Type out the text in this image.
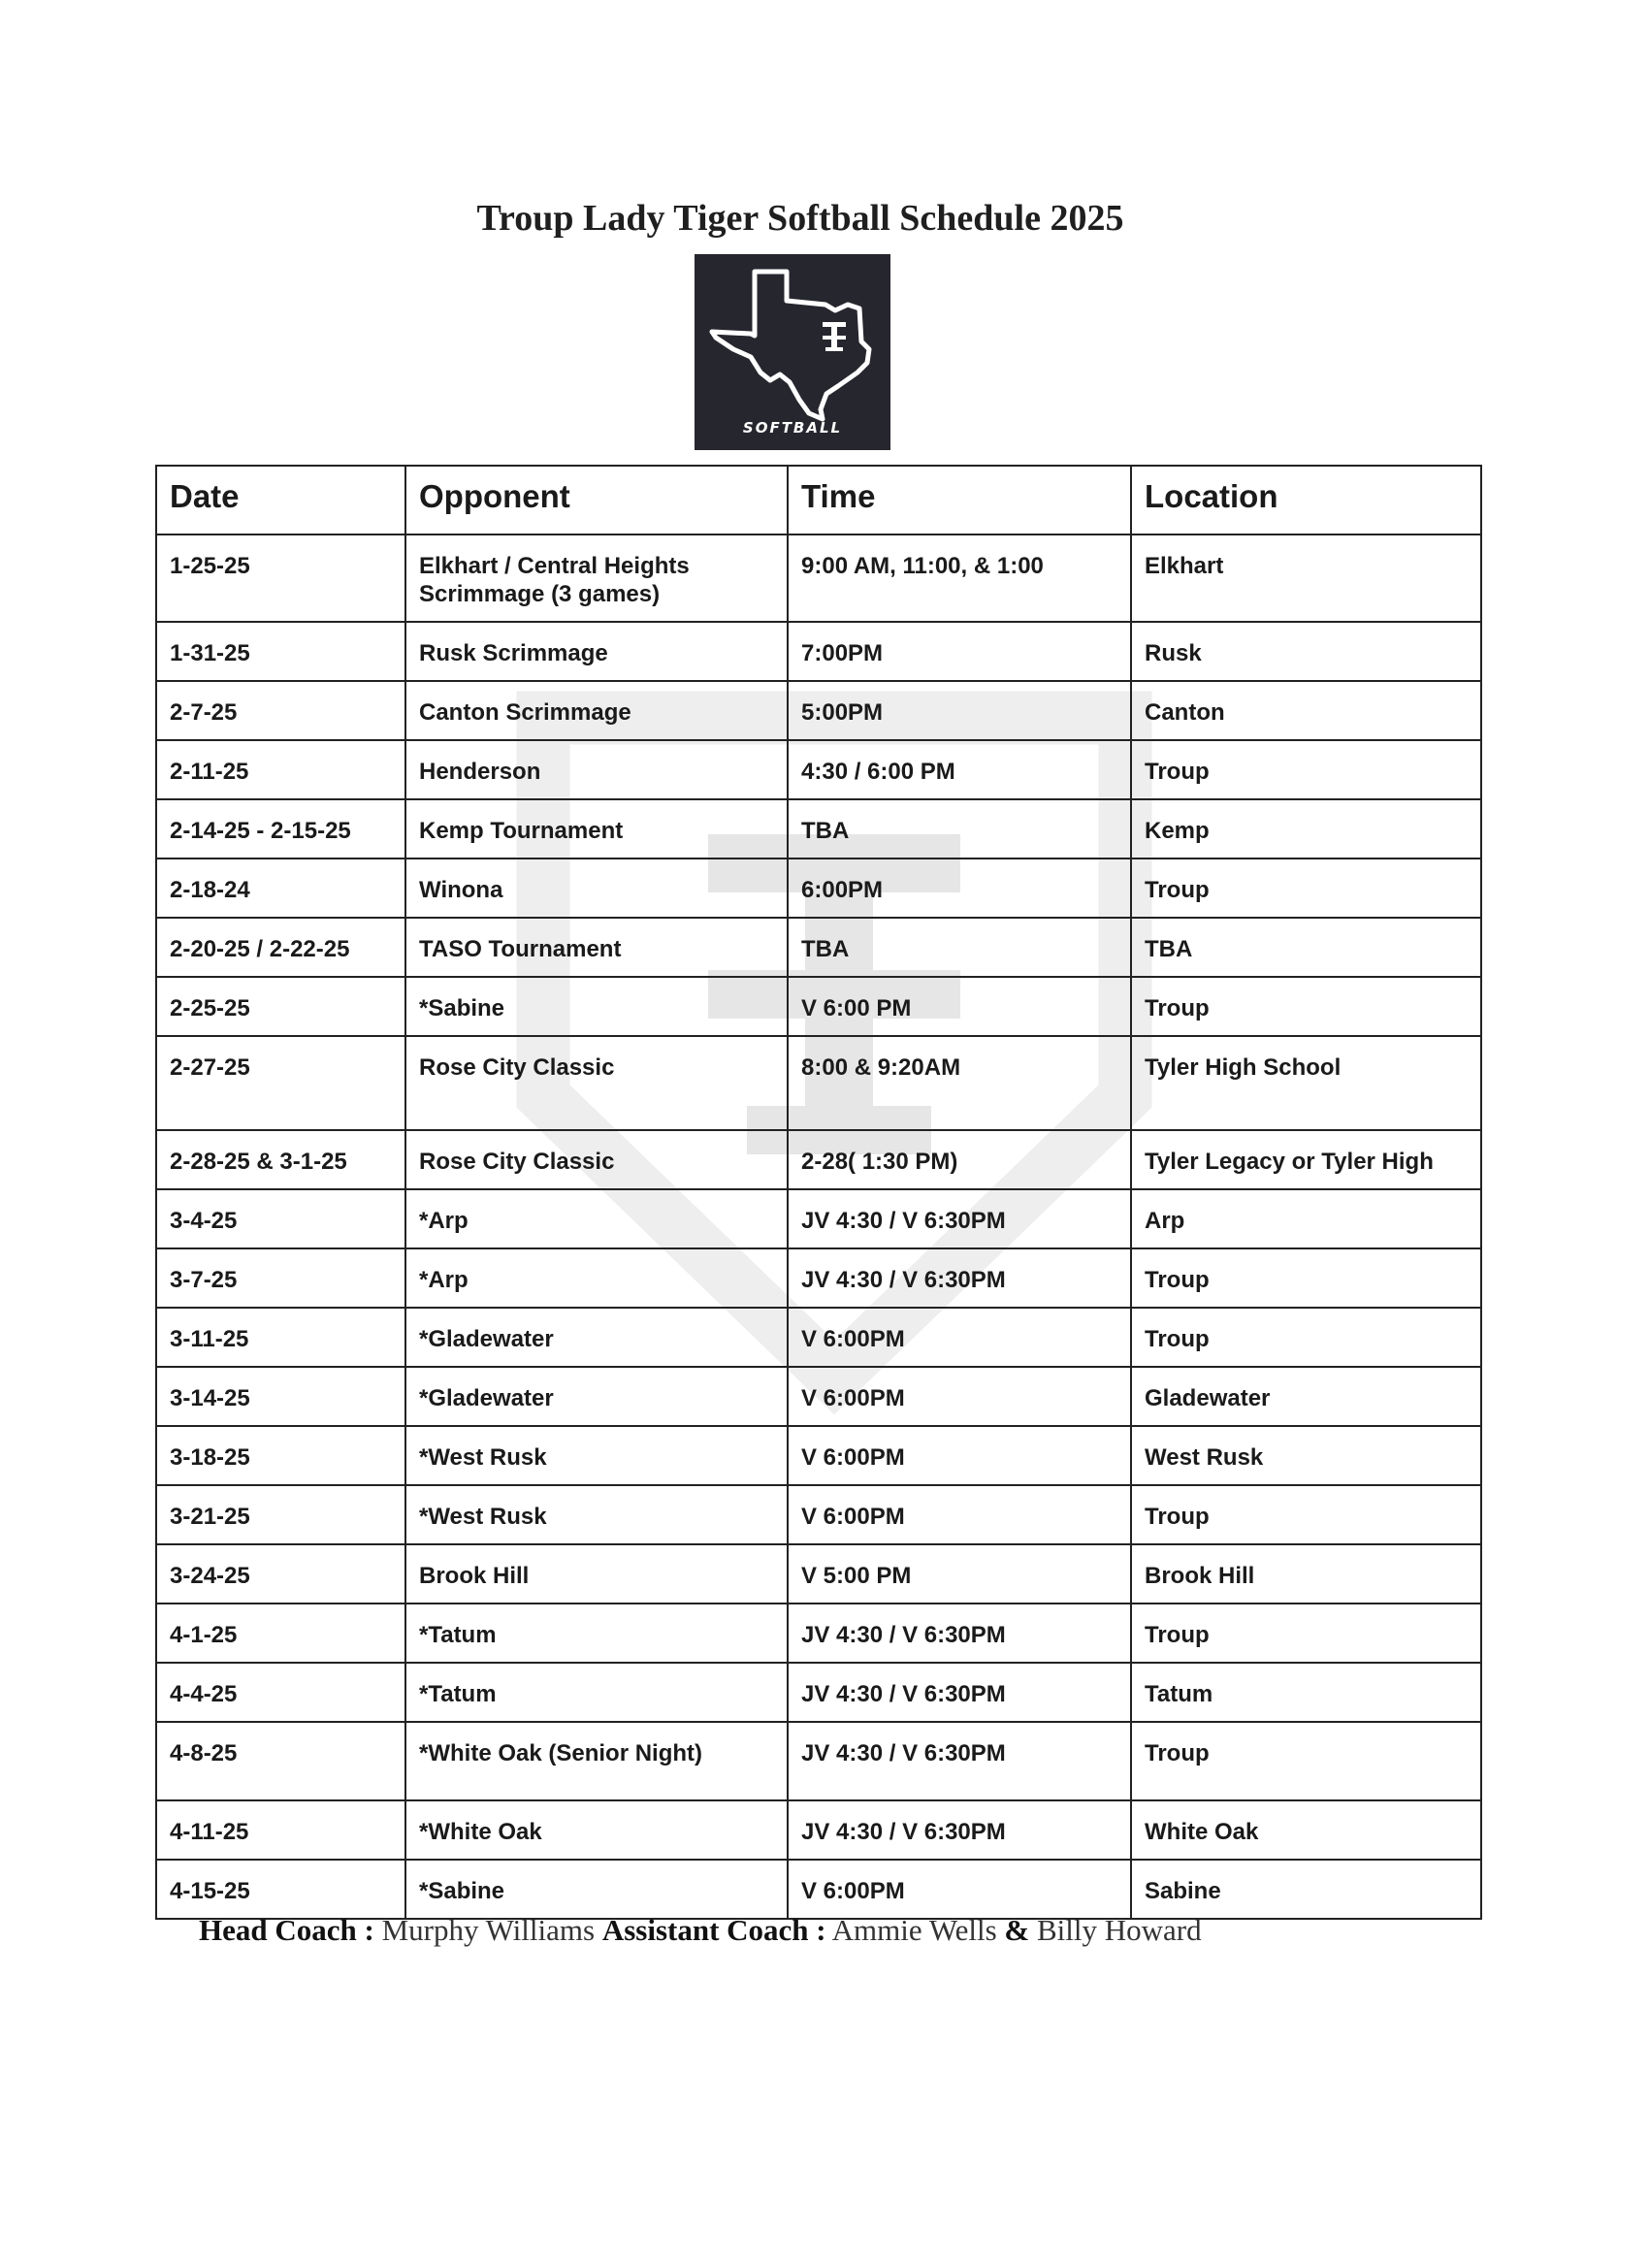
Troup Lady Tiger Softball Schedule 2025
SOFTBALL
Date	Opponent	Time	Location
1-25-25	Elkhart / Central Heights Scrimmage (3 games)	9:00 AM, 11:00, & 1:00	Elkhart
1-31-25	Rusk Scrimmage	7:00PM	Rusk
2-7-25	Canton Scrimmage	5:00PM	Canton
2-11-25	Henderson	4:30 / 6:00 PM	Troup
2-14-25 - 2-15-25	Kemp Tournament	TBA	Kemp
2-18-24	Winona	6:00PM	Troup
2-20-25 / 2-22-25	TASO Tournament	TBA	TBA
2-25-25	*Sabine	V 6:00 PM	Troup
2-27-25	Rose City Classic	8:00 & 9:20AM	Tyler High School
2-28-25 & 3-1-25	Rose City Classic	2-28( 1:30 PM)	Tyler Legacy or Tyler High
3-4-25	*Arp	JV 4:30 / V 6:30PM	Arp
3-7-25	*Arp	JV 4:30 / V 6:30PM	Troup
3-11-25	*Gladewater	V 6:00PM	Troup
3-14-25	*Gladewater	V 6:00PM	Gladewater
3-18-25	*West Rusk	V 6:00PM	West Rusk
3-21-25	*West Rusk	V 6:00PM	Troup
3-24-25	Brook Hill	V 5:00 PM	Brook Hill
4-1-25	*Tatum	JV 4:30 / V 6:30PM	Troup
4-4-25	*Tatum	JV 4:30 / V 6:30PM	Tatum
4-8-25	*White Oak (Senior Night)	JV 4:30 / V 6:30PM	Troup
4-11-25	*White Oak	JV 4:30 / V 6:30PM	White Oak
4-15-25	*Sabine	V 6:00PM	Sabine
Head Coach : Murphy Williams Assistant Coach : Ammie Wells & Billy Howard
